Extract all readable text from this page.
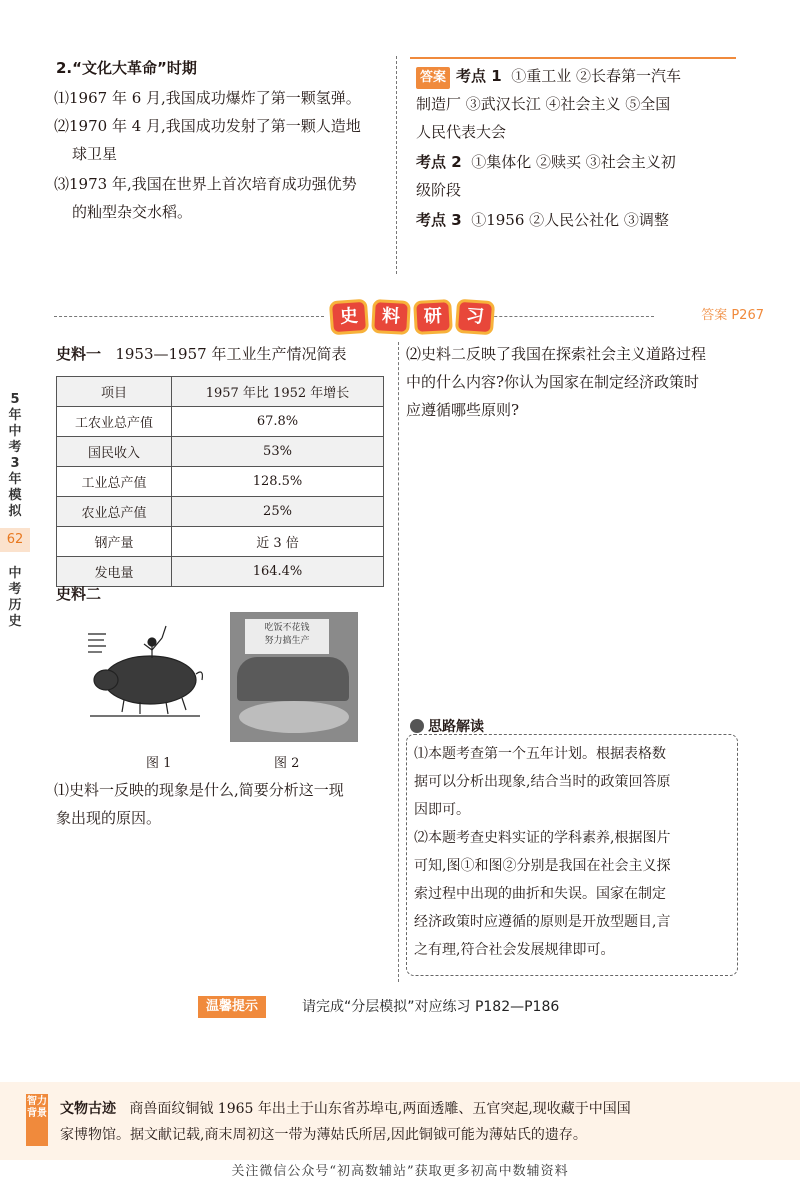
2.“文化大革命”时期
⑴1967 年 6 月,我国成功爆炸了第一颗氢弹。
⑵1970 年 4 月,我国成功发射了第一颗人造地
球卫星
⑶1973 年,我国在世界上首次培育成功强优势
的籼型杂交水稻。
答案 考点 1 ①重工业 ②长春第一汽车
制造厂 ③武汉长江 ④社会主义 ⑤全国
人民代表大会
考点 2 ①集体化 ②赎买 ③社会主义初
级阶段
考点 3 ①1956 ②人民公社化 ③调整
史	料	研	习	答案 P267
5
年
中
考
3
年
模
拟
62
中
考
历
史
史料一 1953—1957 年工业生产情况简表
项目	1957 年比 1952 年增长
工农业总产值	67.8%
国民收入	53%
工业总产值	128.5%
农业总产值	25%
钢产量	近 3 倍
发电量	164.4%
史料二
吃饭不花钱
努力搞生产
图 1	图 2
⑴史料一反映的现象是什么,简要分析这一现
象出现的原因。
⑵史料二反映了我国在探索社会主义道路过程
中的什么内容?你认为国家在制定经济政策时
应遵循哪些原则?
思路解读
⑴本题考查第一个五年计划。根据表格数
据可以分析出现象,结合当时的政策回答原
因即可。
⑵本题考查史料实证的学科素养,根据图片
可知,图①和图②分别是我国在社会主义探
索过程中出现的曲折和失误。国家在制定
经济政策时应遵循的原则是开放型题目,言
之有理,符合社会发展规律即可。
温馨提示	请完成“分层模拟”对应练习 P182—P186
智力背景 文物古迹 商兽面纹铜钺 1965 年出土于山东省苏埠屯,两面透雕、五官突起,现收藏于中国国
家博物馆。据文献记载,商末周初这一带为薄姑氏所居,因此铜钺可能为薄姑氏的遗存。
关注微信公众号“初高数辅站”获取更多初高中数辅资料
